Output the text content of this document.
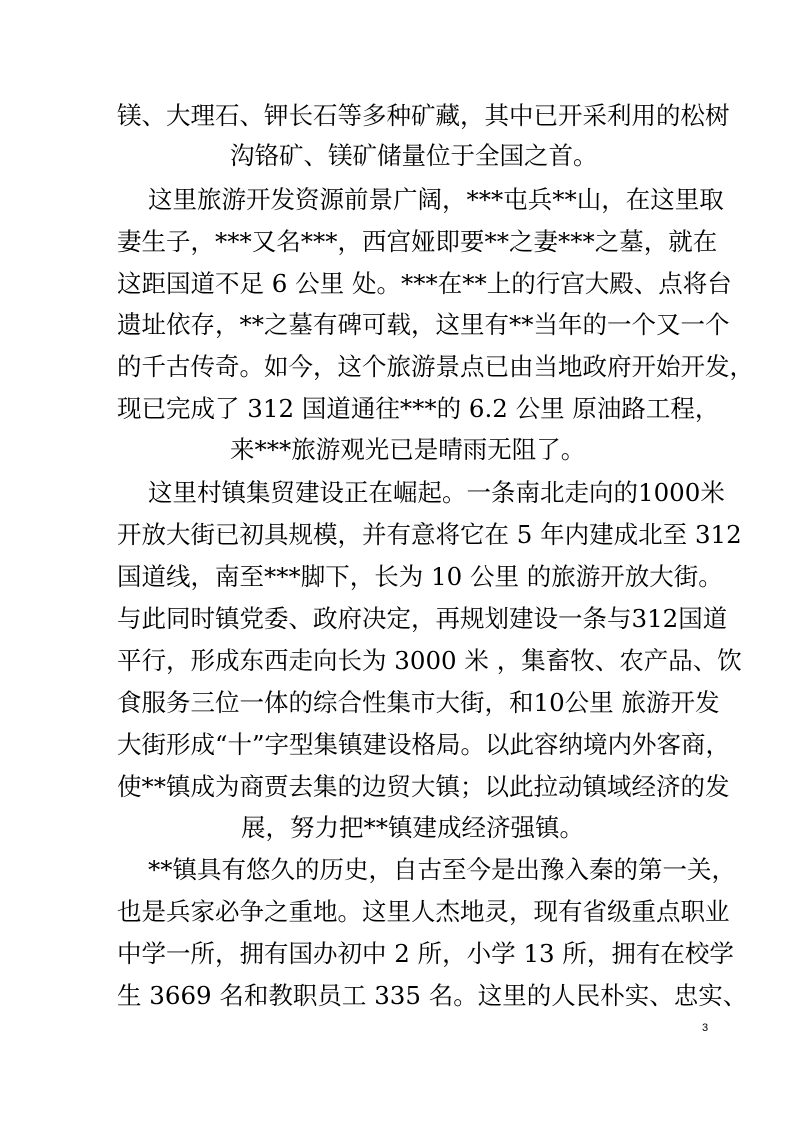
镁、大理石、钾长石等多种矿藏，其中已开采利用的松树
沟铬矿、镁矿储量位于全国之首。
这里旅游开发资源前景广阔，***屯兵**山，在这里取
妻生子，***又名***，西宫娅即要**之妻***之墓，就在
这距国道不足 6 公里 处。***在**上的行宫大殿、点将台
遗址依存，**之墓有碑可载，这里有**当年的一个又一个
的千古传奇。如今，这个旅游景点已由当地政府开始开发，
现已完成了 312 国道通往***的 6.2 公里 原油路工程，
来***旅游观光已是晴雨无阻了。
这里村镇集贸建设正在崛起。一条南北走向的1000米
开放大街已初具规模，并有意将它在 5 年内建成北至 312
国道线，南至***脚下，长为 10 公里 的旅游开放大街。
与此同时镇党委、政府决定，再规划建设一条与312国道
平行，形成东西走向长为 3000 米 ，集畜牧、农产品、饮
食服务三位一体的综合性集市大街，和10公里 旅游开发
大街形成“十”字型集镇建设格局。以此容纳境内外客商，
使**镇成为商贾去集的边贸大镇；以此拉动镇域经济的发
展，努力把**镇建成经济强镇。
**镇具有悠久的历史，自古至今是出豫入秦的第一关，
也是兵家必争之重地。这里人杰地灵，现有省级重点职业
中学一所，拥有国办初中 2 所，小学 13 所，拥有在校学
生 3669 名和教职员工 335 名。这里的人民朴实、忠实、
3
